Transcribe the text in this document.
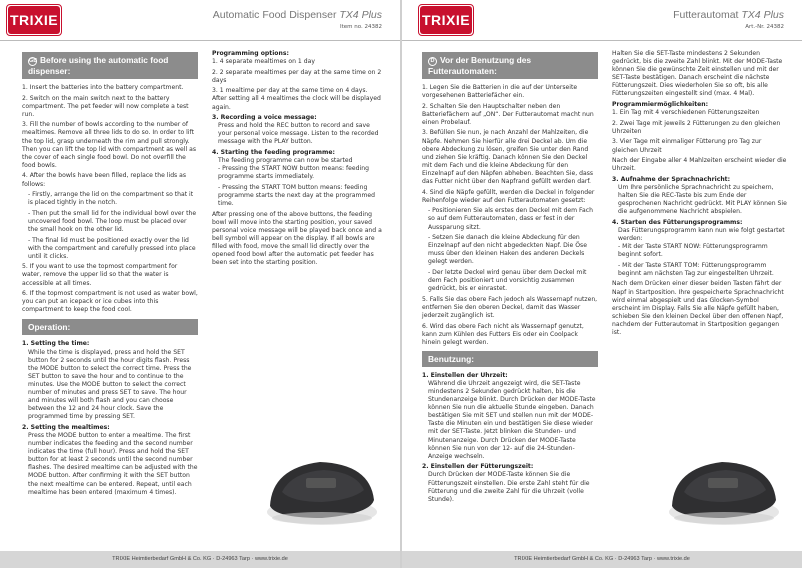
TRIXIE	Automatic Food Dispenser TX4 Plus
Item no. 24382
GB Before using the automatic food dispenser:

1. Insert the batteries into the battery compartment.

2. Switch on the main switch next to the battery compartment. The pet feeder will now complete a test run.

3. Fill the number of bowls according to the number of mealtimes. Remove all three lids to do so. In order to lift the top lid, grasp underneath the rim and pull strongly. Then you can lift the top lid with compartment as well as the cover of each single food bowl. Do not overfill the food bowls.

4. After the bowls have been filled, replace the lids as follows:

- Firstly, arrange the lid on the compartment so that it is placed tightly in the notch.
- Then put the small lid for the individual bowl over the uncovered food bowl. The loop must be placed over the small hook on the other lid.
- The final lid must be positioned exactly over the lid with the compartment and carefully pressed into place until it clicks.

5. If you want to use the topmost compartment for water, remove the upper lid so that the water is accessible at all times.

6. If the topmost compartment is not used as water bowl, you can put an icepack or ice cubes into this compartment to keep the food cool.

Operation:

1. Setting the time:

While the time is displayed, press and hold the SET button for 2 seconds until the hour digits flash. Press the MODE button to select the correct time. Press the SET button to save the hour and to continue to the minutes. Use the MODE button to select the correct number of minutes and press SET to save. The hour and minutes will both flash and you can choose between the 12 and 24 hour clock. Save the programmed time by pressing SET.

2. Setting the mealtimes:

Press the MODE button to enter a mealtime. The first number indicates the feeding and the second number indicates the time (full hour). Press and hold the SET button for at least 2 seconds until the second number flashes. The desired mealtime can be adjusted with the MODE button. After confirming it with the SET button the next mealtime can be entered. Repeat, until each mealtime has been entered (maximum 4 times).

Programming options:

1. 4 separate mealtimes on 1 day

2. 2 separate mealtimes per day at the same time on 2 days

3. 1 mealtime per day at the same time on 4 days. After setting all 4 mealtimes the clock will be displayed again.

3. Recording a voice message:

Press and hold the REC button to record and save your personal voice message. Listen to the recorded message with the PLAY button.

4. Starting the feeding programme:

The feeding programme can now be started

- Pressing the START NOW button means: feeding programme starts immediately.
- Pressing the START TOM button means: feeding programme starts the next day at the programmed time.

After pressing one of the above buttons, the feeding bowl will move into the starting position, your saved personal voice message will be played back once and a bell symbol will appear on the display. If all bowls are filled with food, move the small lid directly over the opened food bowl after the automatic pet feeder has been set into the starting position.

TRIXIE Heimtierbedarf GmbH & Co. KG · D-24963 Tarp · www.trixie.de
TRIXIE	Futterautomat TX4 Plus
Art.-Nr. 24382
D Vor der Benutzung des Futterautomaten:

1. Legen Sie die Batterien in die auf der Unterseite vorgesehenen Batteriefächer ein.

2. Schalten Sie den Hauptschalter neben den Batteriefächern auf „ON“. Der Futterautomat macht nun einen Probelauf.

3. Befüllen Sie nun, je nach Anzahl der Mahlzeiten, die Näpfe. Nehmen Sie hierfür alle drei Deckel ab. Um die obere Abdeckung zu lösen, greifen Sie unter den Rand und ziehen Sie kräftig. Danach können Sie den Deckel mit dem Fach und die kleine Abdeckung für den Einzelnapf auf den Näpfen abheben. Beachten Sie, dass das Futter nicht über den Napfrand gefüllt werden darf.

4. Sind die Näpfe gefüllt, werden die Deckel in folgender Reihenfolge wieder auf den Futterautomaten gesetzt:

- Positionieren Sie als erstes den Deckel mit dem Fach so auf dem Futterautomaten, dass er fest in der Aussparung sitzt.
- Setzen Sie danach die kleine Abdeckung für den Einzelnapf auf den nicht abgedeckten Napf. Die Öse muss über den kleinen Haken des anderen Deckels gelegt werden.
- Der letzte Deckel wird genau über dem Deckel mit dem Fach positioniert und vorsichtig zusammen gedrückt, bis er einrastet.

5. Falls Sie das obere Fach jedoch als Wassernapf nutzen, entfernen Sie den oberen Deckel, damit das Wasser jederzeit zugänglich ist.

6. Wird das obere Fach nicht als Wassernapf genutzt, kann zum Kühlen des Futters Eis oder ein Coolpack hinein gelegt werden.

Benutzung:

1. Einstellen der Uhrzeit:

Während die Uhrzeit angezeigt wird, die SET-Taste mindestens 2 Sekunden gedrückt halten, bis die Stundenanzeige blinkt. Durch Drücken der MODE-Taste können Sie nun die aktuelle Stunde eingeben. Danach bestätigen Sie mit SET und stellen nun mit der MODE-Taste die Minuten ein und bestätigen Sie diese wieder mit der SET-Taste. Jetzt blinken die Stunden- und Minutenanzeige. Durch Drücken der MODE-Taste können Sie nun von der 12- auf die 24-Stunden-Anzeige wechseln.

2. Einstellen der Fütterungszeit:

Durch Drücken der MODE-Taste können Sie die Fütterungszeit einstellen. Die erste Zahl steht für die Fütterung und die zweite Zahl für die Uhrzeit (volle Stunde).

Halten Sie die SET-Taste mindestens 2 Sekunden gedrückt, bis die zweite Zahl blinkt. Mit der MODE-Taste können Sie die gewünschte Zeit einstellen und mit der SET-Taste bestätigen. Danach erscheint die nächste Fütterungszeit. Dies wiederholen Sie so oft, bis alle Fütterungszeiten eingestellt sind (max. 4 Mal).

Programmiermöglichkeiten:

1. Ein Tag mit 4 verschiedenen Fütterungszeiten

2. Zwei Tage mit jeweils 2 Fütterungen zu den gleichen Uhrzeiten

3. Vier Tage mit einmaliger Fütterung pro Tag zur gleichen Uhrzeit

Nach der Eingabe aller 4 Mahlzeiten erscheint wieder die Uhrzeit.

3. Aufnahme der Sprachnachricht:

Um Ihre persönliche Sprachnachricht zu speichern, halten Sie die REC-Taste bis zum Ende der gesprochenen Nachricht gedrückt. Mit PLAY können Sie die aufgenommene Nachricht abspielen.

4. Starten des Fütterungsprogramms:

Das Fütterungsprogramm kann nun wie folgt gestartet werden:

- Mit der Taste START NOW: Fütterungsprogramm beginnt sofort.
- Mit der Taste START TOM: Fütterungsprogramm beginnt am nächsten Tag zur eingestellten Uhrzeit.

Nach dem Drücken einer dieser beiden Tasten fährt der Napf in Startposition. Ihre gespeicherte Sprachnachricht wird einmal abgespielt und das Glocken-Symbol erscheint im Display. Falls Sie alle Näpfe gefüllt haben, schieben Sie den kleinen Deckel über den offenen Napf, nachdem der Futterautomat in Startposition gegangen ist.

TRIXIE Heimtierbedarf GmbH & Co. KG · D-24963 Tarp · www.trixie.de
